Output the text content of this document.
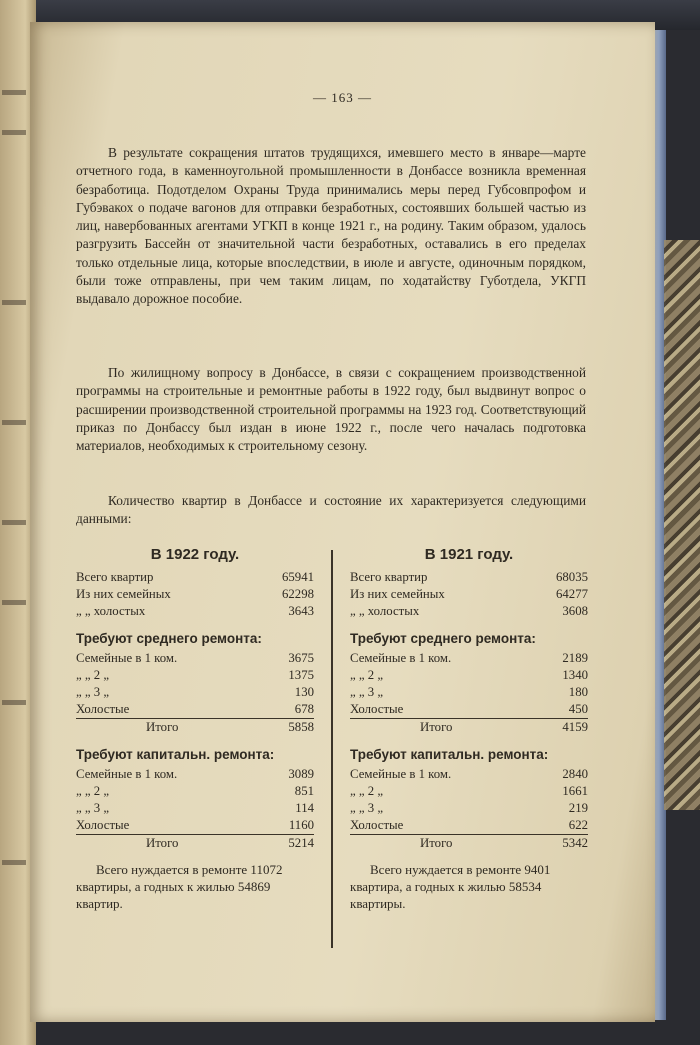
— 163 —

В результате сокращения штатов трудящихся, имевшего место в январе—марте отчетного года, в каменноугольной промышленности в Донбассе возникла временная безработица. Подотделом Охраны Труда принимались меры перед Губсовпрофом и Губэвакох о подаче вагонов для отправки безработных, состоявших большей частью из лиц, навербованных агентами УГКП в конце 1921 г., на родину. Таким образом, удалось разгрузить Бассейн от значительной части безработных, оставались в его пределах только отдельные лица, которые впоследствии, в июле и августе, одиночным порядком, были тоже отправлены, при чем таким лицам, по ходатайству Губотдела, УКГП выдавало дорожное пособие.

По жилищному вопросу в Донбассе, в связи с сокращением производственной программы на строительные и ремонтные работы в 1922 году, был выдвинут вопрос о расширении производственной строительной программы на 1923 год. Соответствующий приказ по Донбассу был издан в июне 1922 г., после чего началась подготовка материалов, необходимых к строительному сезону.

Количество квартир в Донбассе и состояние их характеризуется следующими данными:

В 1922 году.
Всего квартир	65941
Из них семейных	62298
„ „ холостых	3643
Требуют среднего ремонта:
Семейные в 1 ком.	3675
„ „ 2 „	1375
„ „ 3 „	130
Холостые	678
Итого	5858
Требуют капитальн. ремонта:
Семейные в 1 ком.	3089
„ „ 2 „	851
„ „ 3 „	114
Холостые	1160
Итого	5214
Всего нуждается в ремонте 11072 квартиры, а годных к жилью 54869 квартир.
В 1921 году.
Всего квартир	68035
Из них семейных	64277
„ „ холостых	3608
Требуют среднего ремонта:
Семейные в 1 ком.	2189
„ „ 2 „	1340
„ „ 3 „	180
Холостые	450
Итого	4159
Требуют капитальн. ремонта:
Семейные в 1 ком.	2840
„ „ 2 „	1661
„ „ 3 „	219
Холостые	622
Итого	5342
Всего нуждается в ремонте 9401 квартира, а годных к жилью 58534 квартиры.
